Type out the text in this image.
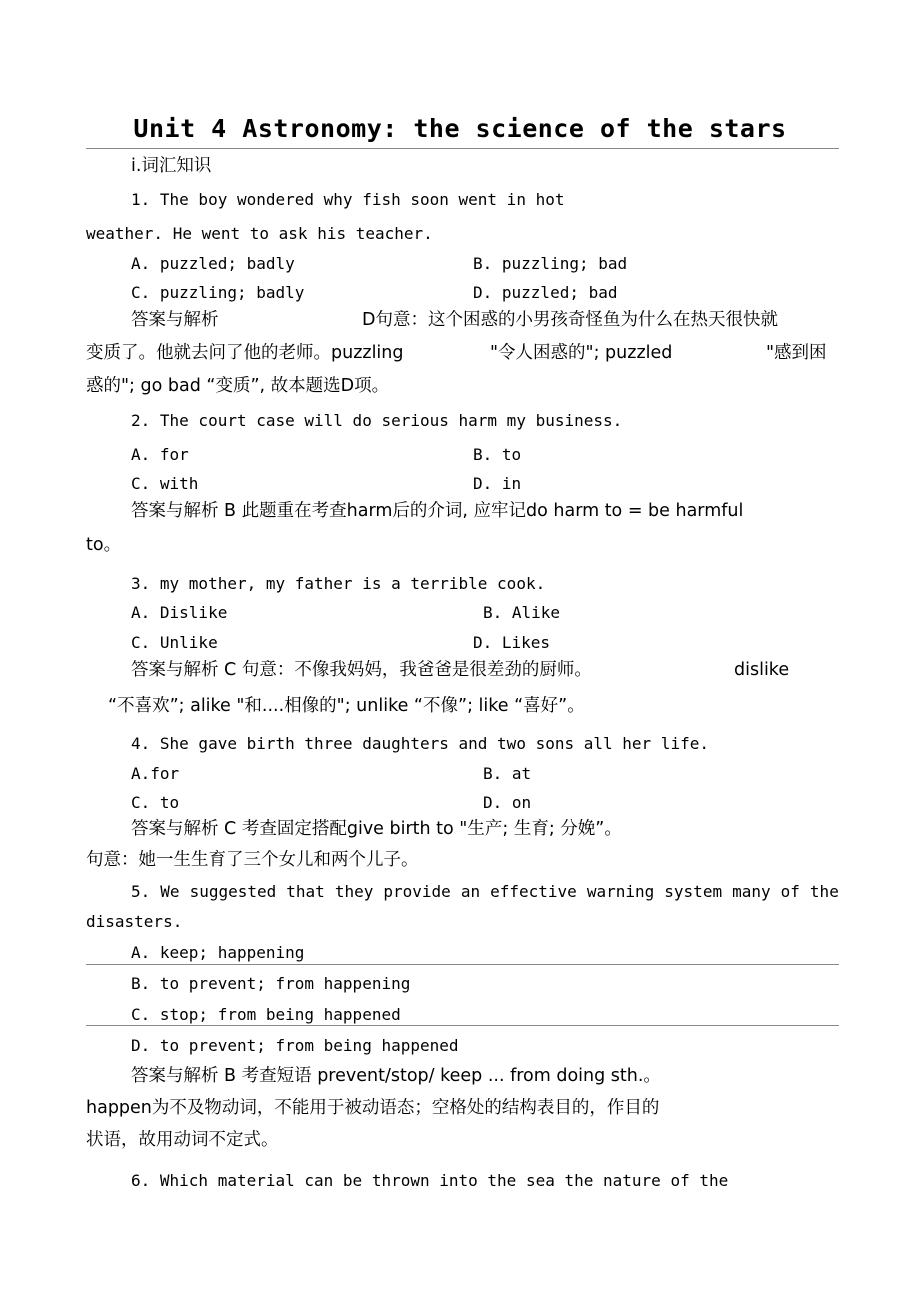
Unit 4 Astronomy: the science of the stars
ⅰ.词汇知识
1. The boy wondered why fish soon went in hot
weather. He went to ask his teacher.
A. puzzled; badly	B. puzzling; bad
C. puzzling; badly	D. puzzled; bad
答案与解析	D句意：这个困惑的小男孩奇怪鱼为什么在热天很快就
变质了。他就去问了他的老师。puzzling	"令人困惑的"; puzzled	"感到困
惑的"; go bad “变质”, 故本题选D项。
2. The court case will do serious harm my business.
A. for	B. to
C. with	D. in
答案与解析 B 此题重在考查harm后的介词, 应牢记do harm to = be harmful
to。
3. my mother, my father is a terrible cook.
A. Dislike	B. Alike
C. Unlike	D. Likes
答案与解析 C 句意：不像我妈妈，我爸爸是很差劲的厨师。	dislike
“不喜欢”; alike "和....相像的"; unlike “不像”; like “喜好”。
4. She gave birth three daughters and two sons all her life.
A.for	B. at
C. to	D. on
答案与解析 C 考查固定搭配give birth to "生产; 生育; 分娩”。
句意：她一生生育了三个女儿和两个儿子。
5. We suggested that they provide an effective warning system many of the
disasters.
A. keep; happening
B. to prevent; from happening
C. stop; from being happened
D. to prevent; from being happened
答案与解析 B 考查短语 prevent/stop/ keep ... from doing sth.。
happen为不及物动词，不能用于被动语态；空格处的结构表目的，作目的
状语，故用动词不定式。
6. Which material can be thrown into the sea the nature of the
